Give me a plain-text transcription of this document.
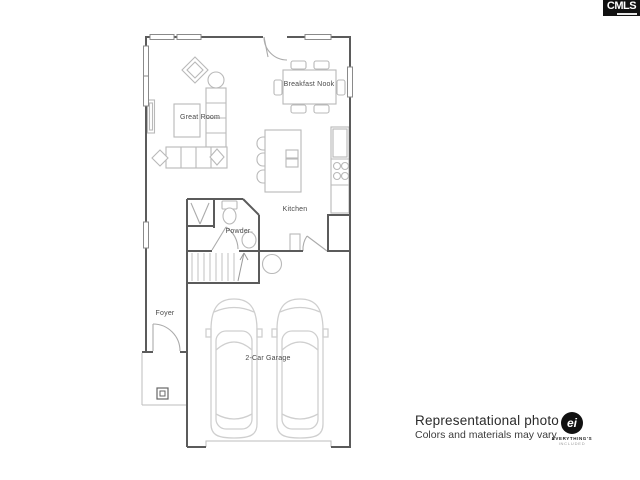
Great Room
Breakfast Nook
Kitchen
Powder
Foyer
2-Car Garage
CMLS
Representational photo
Colors and materials may vary
ei
EVERYTHING'S
INCLUDED
